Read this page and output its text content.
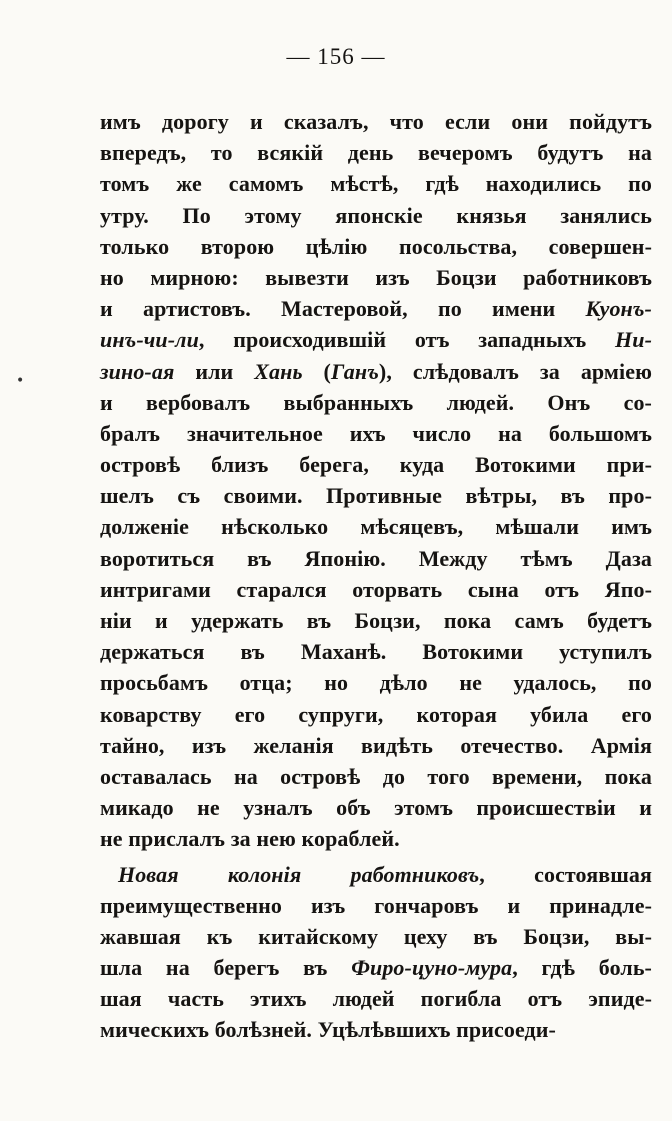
— 156 —
•
имъ дорогу и сказалъ, что если они пойдутъ
впередъ, то всякій день вечеромъ будутъ на
томъ же самомъ мѣстѣ, гдѣ находились по
утру. По этому японскіе князья занялись
только второю цѣлію посольства, совершен-
но мирною: вывезти изъ Боцзи работниковъ
и артистовъ. Мастеровой, по имени Куонъ-
инъ-чи-ли, происходившій отъ западныхъ Ни-
зино-ая или Хань (Ганъ), слѣдовалъ за арміею
и вербовалъ выбранныхъ людей. Онъ со-
бралъ значительное ихъ число на большомъ
островѣ близъ берега, куда Вотокими при-
шелъ съ своими. Противные вѣтры, въ про-
долженіе нѣсколько мѣсяцевъ, мѣшали имъ
воротиться въ Японію. Между тѣмъ Даза
интригами старался оторвать сына отъ Япо-
ніи и удержать въ Боцзи, пока самъ будетъ
держаться въ Маханѣ. Вотокими уступилъ
просьбамъ отца; но дѣло не удалось, по
коварству его супруги, которая убила его
тайно, изъ желанія видѣть отечество. Армія
оставалась на островѣ до того времени, пока
микадо не узналъ объ этомъ происшествіи и
не прислалъ за нею кораблей.
Новая колонія работниковъ, состоявшая
преимущественно изъ гончаровъ и принадле-
жавшая къ китайскому цеху въ Боцзи, вы-
шла на берегъ въ Фиро-цуно-мура, гдѣ боль-
шая часть этихъ людей погибла отъ эпиде-
мическихъ болѣзней. Уцѣлѣвшихъ присоеди-
